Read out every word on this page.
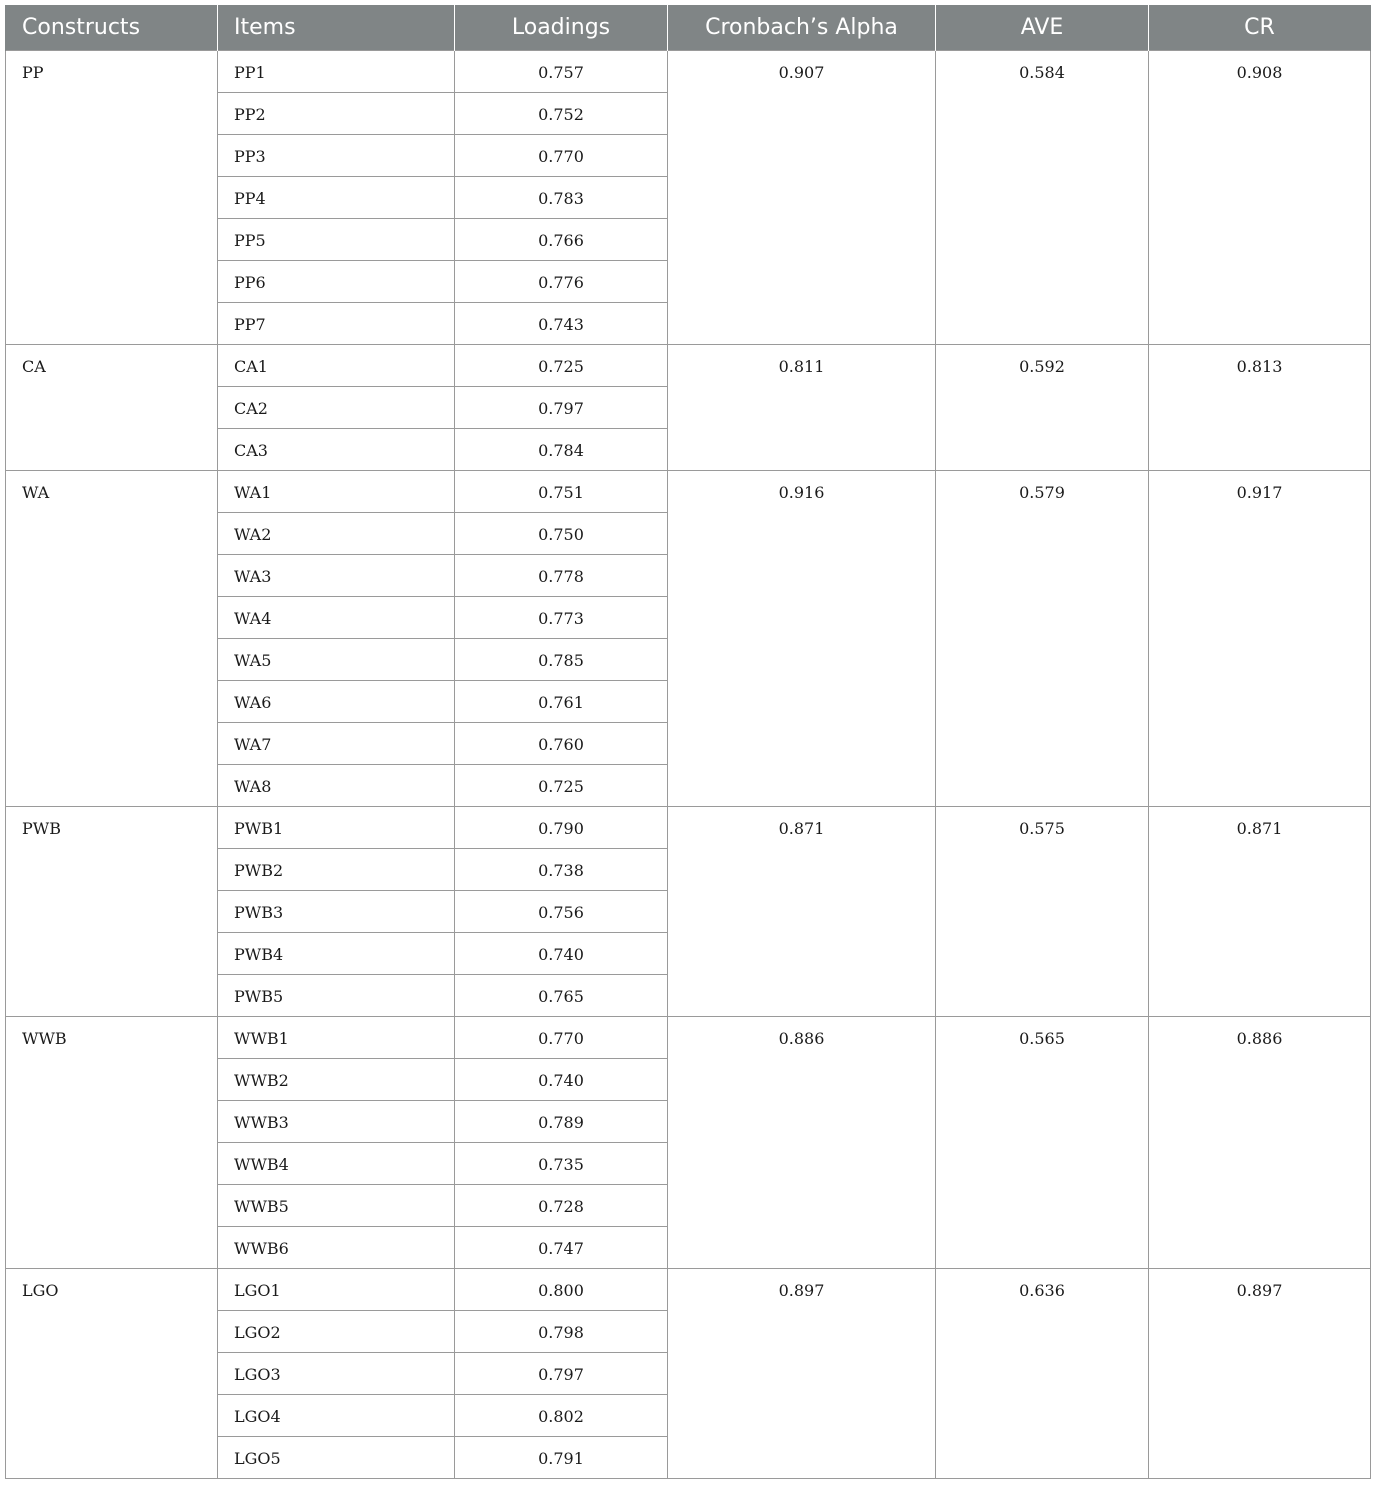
Constructs	Items	Loadings	Cronbach’s Alpha	AVE	CR

PP	PP1	0.757	0.907	0.584	0.908

	PP2	0.752			

	PP3	0.770			

	PP4	0.783			

	PP5	0.766			

	PP6	0.776			

	PP7	0.743			

CA	CA1	0.725	0.811	0.592	0.813

	CA2	0.797			

	CA3	0.784			

WA	WA1	0.751	0.916	0.579	0.917

	WA2	0.750			

	WA3	0.778			

	WA4	0.773			

	WA5	0.785			

	WA6	0.761			

	WA7	0.760			

	WA8	0.725			

PWB	PWB1	0.790	0.871	0.575	0.871

	PWB2	0.738			

	PWB3	0.756			

	PWB4	0.740			

	PWB5	0.765			

WWB	WWB1	0.770	0.886	0.565	0.886

	WWB2	0.740			

	WWB3	0.789			

	WWB4	0.735			

	WWB5	0.728			

	WWB6	0.747			

LGO	LGO1	0.800	0.897	0.636	0.897

	LGO2	0.798			

	LGO3	0.797			

	LGO4	0.802			

	LGO5	0.791			
